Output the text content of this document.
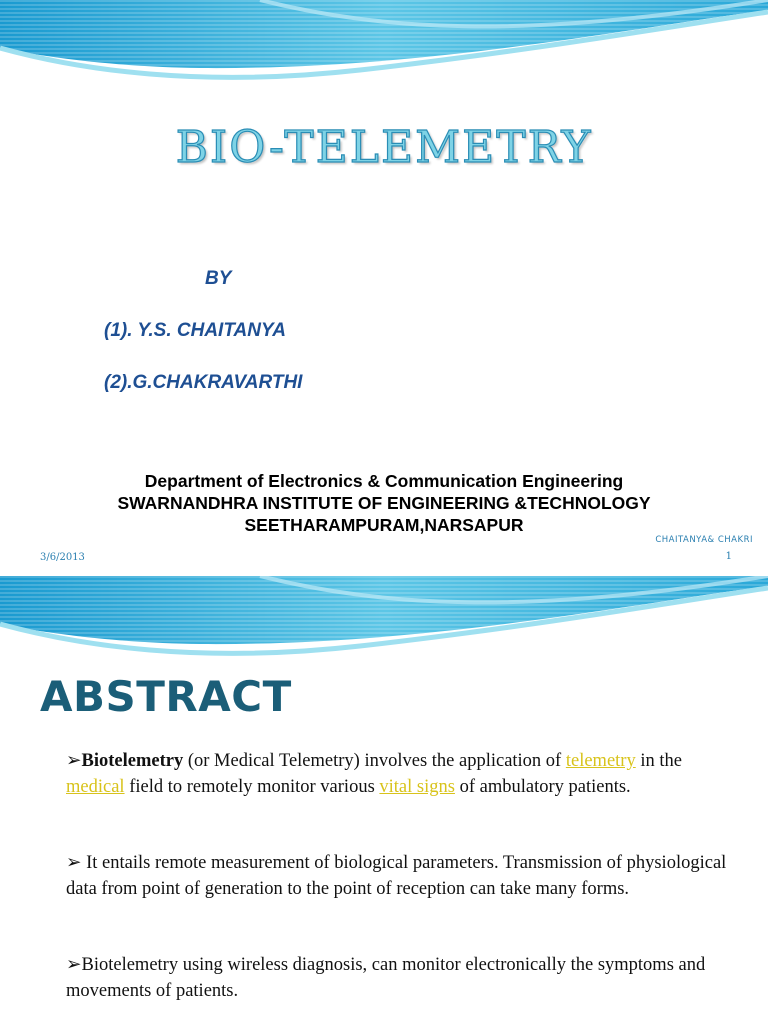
BIO-TELEMETRY
BY
(1). Y.S. CHAITANYA
(2).G.CHAKRAVARTHI
Department of Electronics & Communication Engineering
SWARNANDHRA INSTITUTE OF ENGINEERING &TECHNOLOGY
SEETHARAMPURAM,NARSAPUR
3/6/2013
CHAITANYA& CHAKRI
1
ABSTRACT
➢Biotelemetry (or Medical Telemetry) involves the application of telemetry in the medical field to remotely monitor various vital signs of ambulatory patients.
➢ It entails remote measurement of biological parameters. Transmission of physiological data from point of generation to the point of reception can take many forms.
➢Biotelemetry using wireless diagnosis, can monitor electronically the symptoms and movements of patients.
